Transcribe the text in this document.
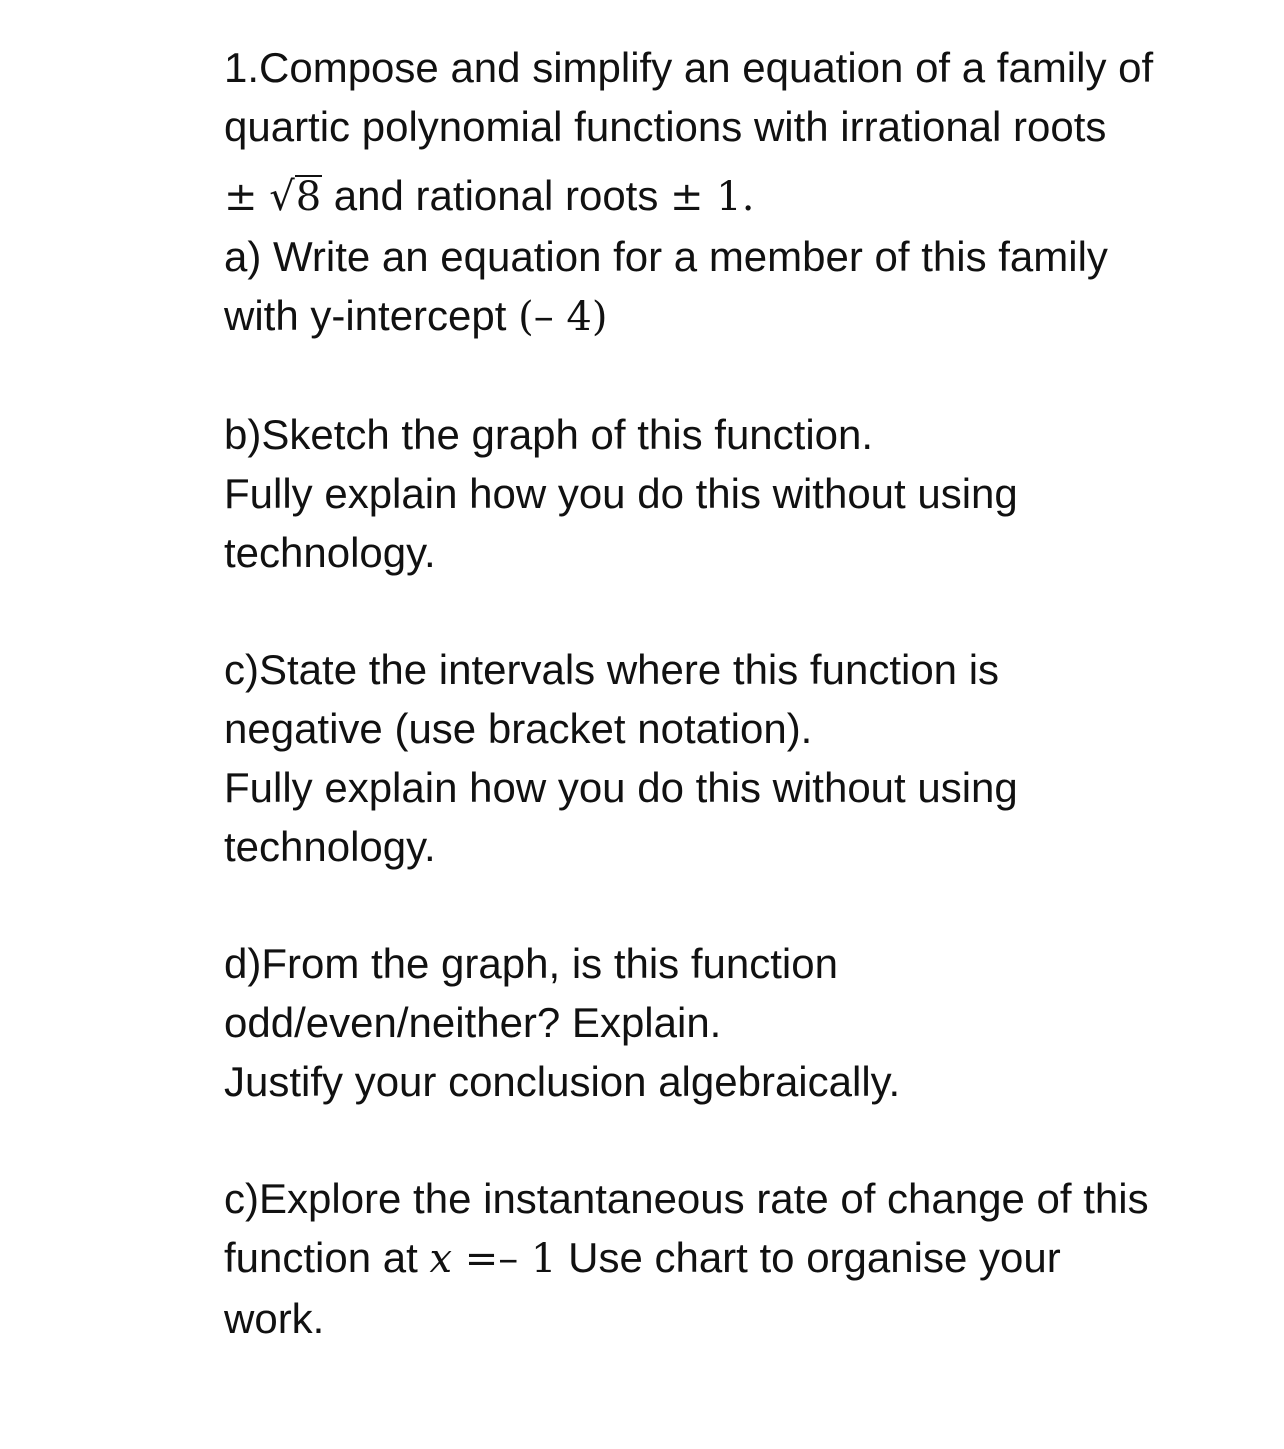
1.Compose and simplify an equation of a family of
quartic polynomial functions with irrational roots
± √8 and rational roots ± 1.
a) Write an equation for a member of this family
with y-intercept (– 4)
b)Sketch the graph of this function.
Fully explain how you do this without using
technology.
c)State the intervals where this function is
negative (use bracket notation).
Fully explain how you do this without using
technology.
d)From the graph, is this function
odd/even/neither? Explain.
Justify your conclusion algebraically.
c)Explore the instantaneous rate of change of this
function at x =– 1 Use chart to organise your
work.
